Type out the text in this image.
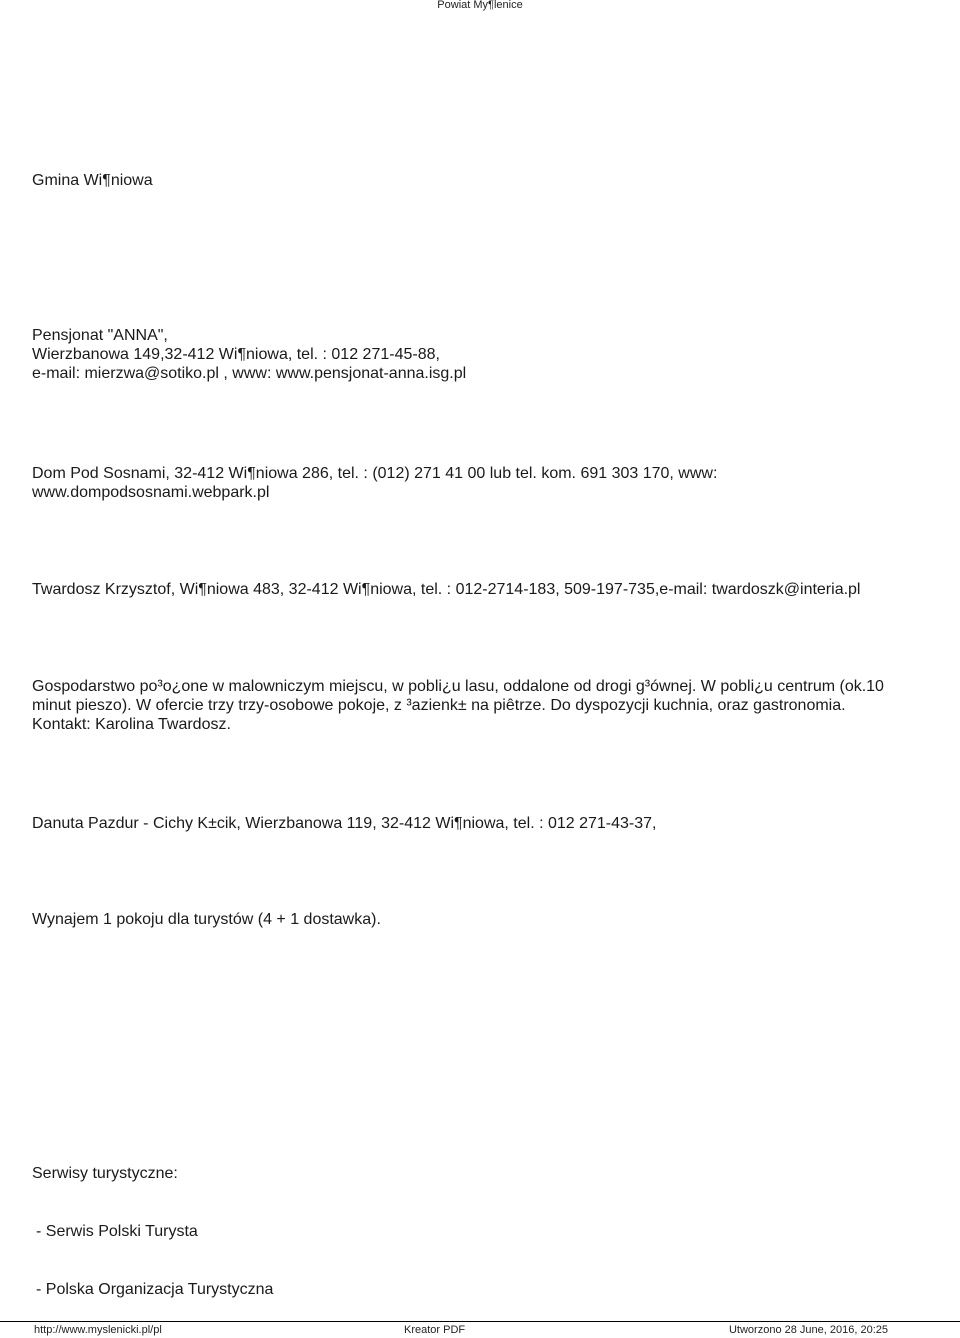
Powiat My¶lenice
Gmina Wi¶niowa
Pensjonat "ANNA",
Wierzbanowa 149,32-412 Wi¶niowa, tel. : 012 271-45-88,
e-mail: mierzwa@sotiko.pl , www: www.pensjonat-anna.isg.pl
Dom Pod Sosnami, 32-412 Wi¶niowa 286, tel. : (012) 271 41 00 lub tel. kom. 691 303 170, www:
www.dompodsosnami.webpark.pl
Twardosz Krzysztof, Wi¶niowa 483, 32-412 Wi¶niowa, tel. : 012-2714-183, 509-197-735,e-mail: twardoszk@interia.pl
Gospodarstwo po³o¿one w malowniczym miejscu, w pobli¿u lasu, oddalone od drogi g³ównej. W pobli¿u centrum (ok.10
minut pieszo). W ofercie trzy trzy-osobowe pokoje, z ³azienk± na piêtrze. Do dyspozycji kuchnia, oraz gastronomia.
Kontakt: Karolina Twardosz.
Danuta Pazdur - Cichy K±cik, Wierzbanowa 119, 32-412 Wi¶niowa, tel. : 012 271-43-37,
Wynajem 1 pokoju dla turystów (4 + 1 dostawka).
Serwisy turystyczne:
- Serwis Polski Turysta
- Polska Organizacja Turystyczna
http://www.myslenicki.pl/pl	Kreator PDF	Utworzono 28 June, 2016, 20:25
